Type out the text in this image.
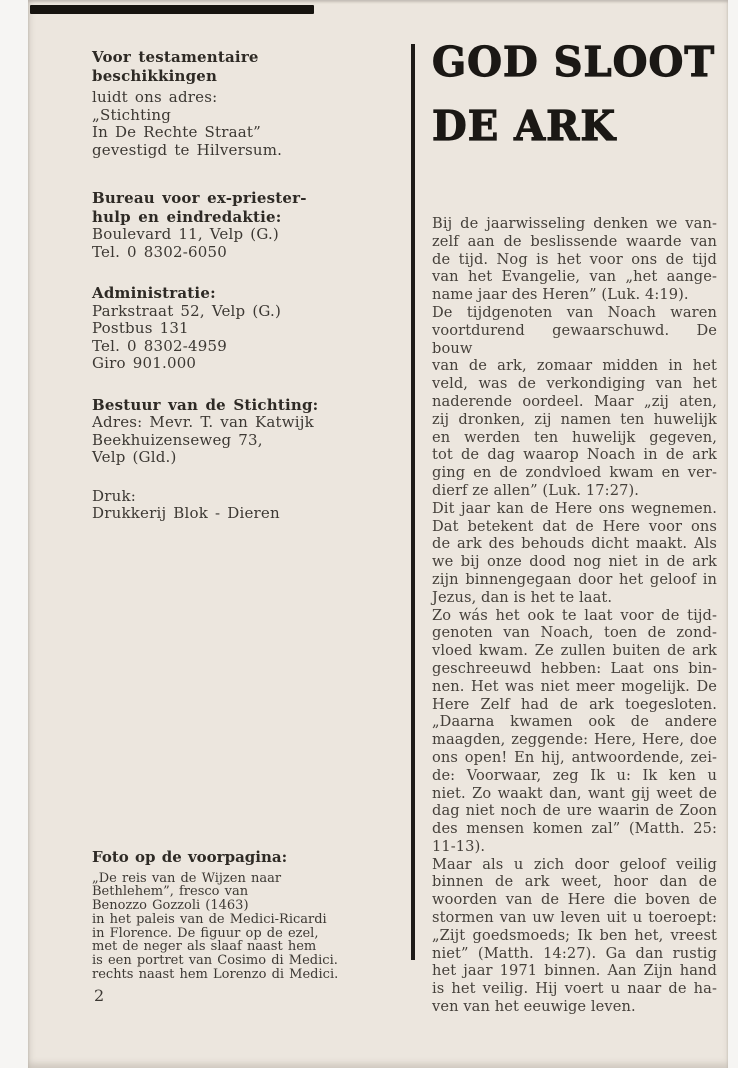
Voor testamentaire
beschikkingen
luidt ons adres:
„Stichting
In De Rechte Straat”
gevestigd te Hilversum.
Bureau voor ex-priester-
hulp en eindredaktie:
Boulevard 11, Velp (G.)
Tel. 0 8302-6050
Administratie:
Parkstraat 52, Velp (G.)
Postbus 131
Tel. 0 8302-4959
Giro 901.000
Bestuur van de Stichting:
Adres: Mevr. T. van Katwijk
Beekhuizenseweg 73,
Velp (Gld.)
Druk:
Drukkerij Blok - Dieren
Foto op de voorpagina:
„De reis van de Wijzen naar
Bethlehem”, fresco van
Benozzo Gozzoli (1463)
in het paleis van de Medici-Ricardi
in Florence. De figuur op de ezel,
met de neger als slaaf naast hem
is een portret van Cosimo di Medici.
rechts naast hem Lorenzo di Medici.
2
GOD SLOOT
DE ARK
Bij de jaarwisseling denken we van-
zelf aan de beslissende waarde van
de tijd. Nog is het voor ons de tijd
van het Evangelie, van „het aange-
name jaar des Heren” (Luk. 4:19).
De tijdgenoten van Noach waren
voortdurend gewaarschuwd. De bouw
van de ark, zomaar midden in het
veld, was de verkondiging van het
naderende oordeel. Maar „zij aten,
zij dronken, zij namen ten huwelijk
en werden ten huwelijk gegeven,
tot de dag waarop Noach in de ark
ging en de zondvloed kwam en ver-
dierf ze allen” (Luk. 17:27).
Dit jaar kan de Here ons wegnemen.
Dat betekent dat de Here voor ons
de ark des behouds dicht maakt. Als
we bij onze dood nog niet in de ark
zijn binnengegaan door het geloof in
Jezus, dan is het te laat.
Zo wás het ook te laat voor de tijd-
genoten van Noach, toen de zond-
vloed kwam. Ze zullen buiten de ark
geschreeuwd hebben: Laat ons bin-
nen. Het was niet meer mogelijk. De
Here Zelf had de ark toegesloten.
„Daarna kwamen ook de andere
maagden, zeggende: Here, Here, doe
ons open! En hij, antwoordende, zei-
de: Voorwaar, zeg Ik u: Ik ken u
niet. Zo waakt dan, want gij weet de
dag niet noch de ure waarin de Zoon
des mensen komen zal” (Matth. 25:
11-13).
Maar als u zich door geloof veilig
binnen de ark weet, hoor dan de
woorden van de Here die boven de
stormen van uw leven uit u toeroept:
„Zijt goedsmoeds; Ik ben het, vreest
niet” (Matth. 14:27). Ga dan rustig
het jaar 1971 binnen. Aan Zijn hand
is het veilig. Hij voert u naar de ha-
ven van het eeuwige leven.
